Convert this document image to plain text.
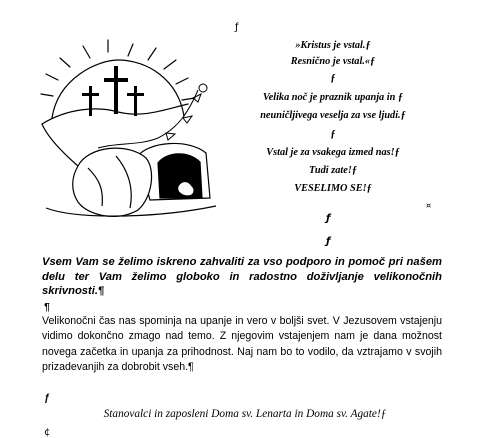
ƒ
»Kristus je vstal.ƒ
Resnično je vstal.«ƒ
ƒ
Velika noč je praznik upanja in ƒ
neuničljivega veselja za vse ljudi.ƒ
ƒ
Vstal je za vsakega izmed nas!ƒ
Tudi zate!ƒ
VESELIMO SE!ƒ
¤
ƒ
ƒ
Vsem Vam se želimo iskreno zahvaliti za vso podporo in pomoč pri našem delu ter Vam želimo globoko in radostno doživljanje velikonočnih skrivnosti.¶
¶
Velikonočni čas nas spominja na upanje in vero v boljši svet. V Jezusovem vstajenju vidimo dokončno zmago nad temo. Z njegovim vstajenjem nam je dana možnost novega začetka in upanja za prihodnost. Naj nam bo to vodilo, da vztrajamo v svojih prizadevanjih za dobrobit vseh.¶
ƒ
Stanovalci in zaposleni Doma sv. Lenarta in Doma sv. Agate!ƒ
¢
